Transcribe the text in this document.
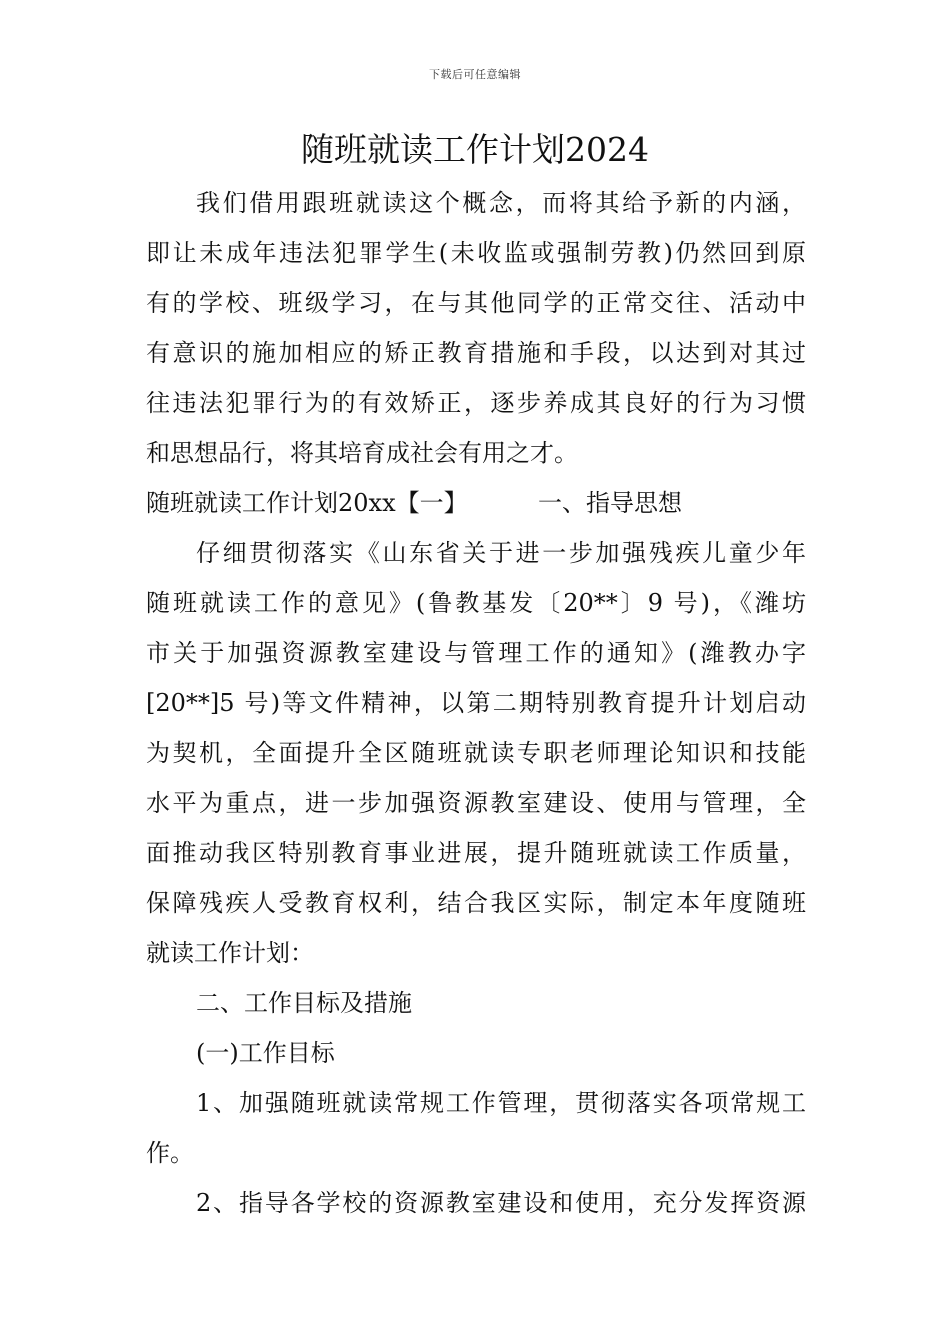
下载后可任意编辑
随班就读工作计划2024
我们借用跟班就读这个概念，而将其给予新的内涵，
即让未成年违法犯罪学生(未收监或强制劳教)仍然回到原
有的学校、班级学习，在与其他同学的正常交往、活动中
有意识的施加相应的矫正教育措施和手段，以达到对其过
往违法犯罪行为的有效矫正，逐步养成其良好的行为习惯
和思想品行，将其培育成社会有用之才。
随班就读工作计划20xx【一】	一、指导思想
仔细贯彻落实《山东省关于进一步加强残疾儿童少年
随班就读工作的意见》(鲁教基发〔20**〕9 号)，《潍坊
市关于加强资源教室建设与管理工作的通知》(潍教办字
[20**]5 号)等文件精神，以第二期特别教育提升计划启动
为契机，全面提升全区随班就读专职老师理论知识和技能
水平为重点，进一步加强资源教室建设、使用与管理，全
面推动我区特别教育事业进展，提升随班就读工作质量，
保障残疾人受教育权利，结合我区实际，制定本年度随班
就读工作计划：
二、工作目标及措施
(一)工作目标
1、加强随班就读常规工作管理，贯彻落实各项常规工
作。
2、指导各学校的资源教室建设和使用，充分发挥资源
